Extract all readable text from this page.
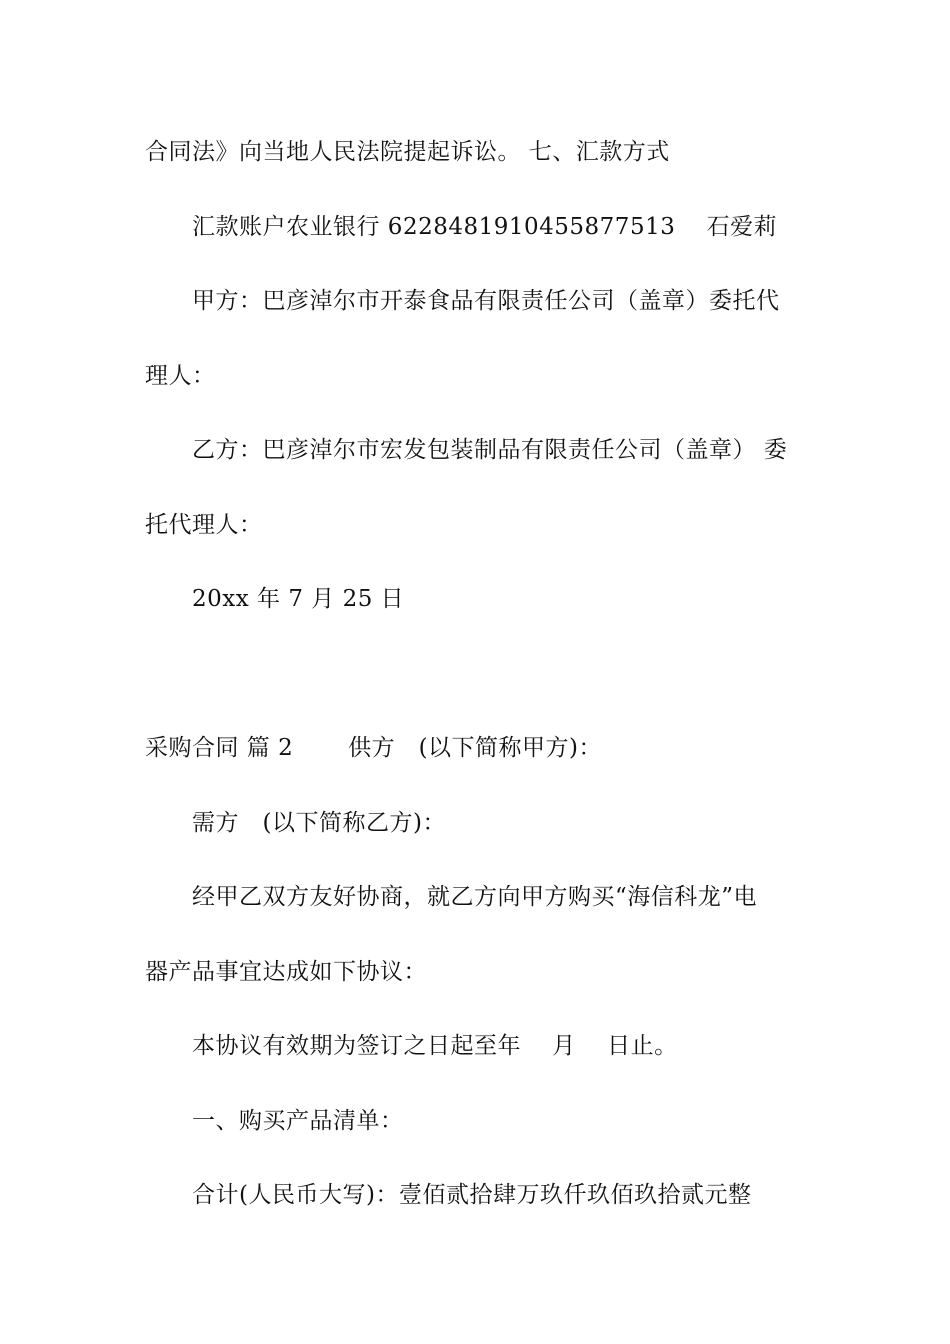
合同法》向当地人民法院提起诉讼。 七、汇款方式
汇款账户农业银行 6228481910455877513　 石爱莉
甲方：巴彦淖尔市开泰食品有限责任公司（盖章）委托代
理人：
乙方：巴彦淖尔市宏发包装制品有限责任公司（盖章） 委
托代理人：
20xx 年 7 月 25 日
采购合同 篇 2　　 供方　(以下简称甲方)：
需方　(以下简称乙方)：
经甲乙双方友好协商，就乙方向甲方购买“海信科龙”电
器产品事宜达成如下协议：
本协议有效期为签订之日起至年　 月　 日止。
一、购买产品清单：
合计(人民币大写)：壹佰贰拾肆万玖仟玖佰玖拾贰元整
